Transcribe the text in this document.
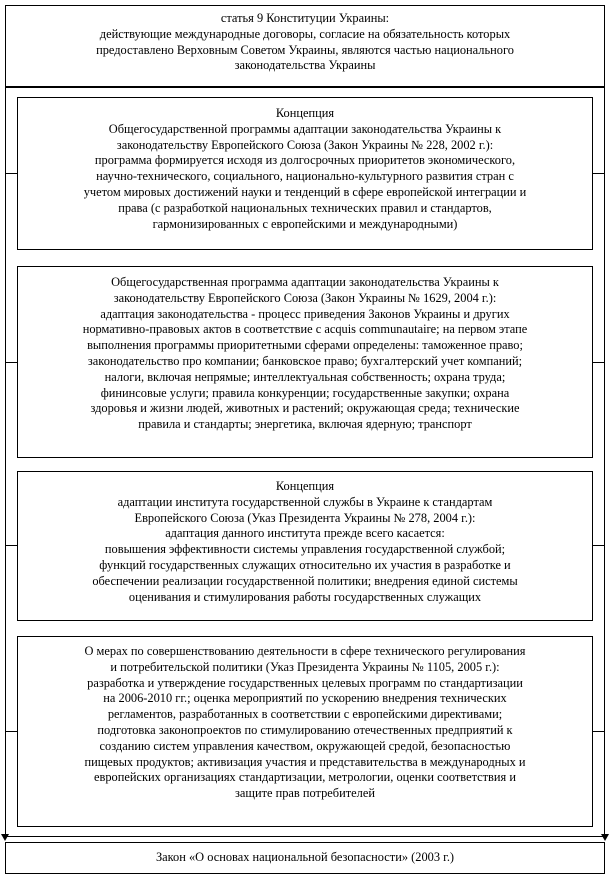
статья 9 Конституции Украины:

действующие международные договоры, согласие на обязательность которых

предоставлено Верховным Советом Украины, являются частью национального

законодательства Украины

Концепция

Общегосударственной программы адаптации законодательства Украины к

законодательству Европейского Союза (Закон Украины № 228, 2002 г.):

программа формируется исходя из долгосрочных приоритетов экономического,

научно-технического, социального, национально-культурного развития стран с

учетом мировых достижений науки и тенденций в сфере европейской интеграции и

права (с разработкой национальных технических правил и стандартов,

гармонизированных с европейскими и международными)

Общегосударственная программа адаптации законодательства Украины к

законодательству Европейского Союза (Закон Украины № 1629, 2004 г.):

адаптация законодательства - процесс приведения Законов Украины и других

нормативно-правовых актов в соответствие с acquis communautaire; на первом этапе

выполнения программы приоритетными сферами определены: таможенное право;

законодательство про компании; банковское право; бухгалтерский учет компаний;

налоги, включая непрямые; интеллектуальная собственность; охрана труда;

фининсовые услуги; правила конкуренции; государственные закупки; охрана

здоровья и жизни людей, животных и растений; окружающая среда; технические

правила и стандарты; энергетика, включая ядерную; транспорт

Концепция

адаптации института государственной службы в Украине к стандартам

Европейского Союза (Указ Президента Украины № 278, 2004 г.):

адаптация данного института прежде всего касается:

повышения эффективности системы управления государственной службой;

функций государственных служащих относительно их участия в разработке и

обеспечении реализации государственной политики; внедрения единой системы

оценивания и стимулирования работы государственных служащих

О мерах по совершенствованию деятельности в сфере технического регулирования

и потребительской политики (Указ Президента Украины № 1105, 2005 г.):

разработка и утверждение государственных целевых программ по стандартизации

на 2006-2010 гг.; оценка мероприятий по ускорению внедрения технических

регламентов, разработанных в соответствии с европейскими директивами;

подготовка законопроектов по стимулированию отечественных предприятий к

созданию систем управления качеством, окружающей средой, безопасностью

пищевых продуктов; активизация участия и представительства в международных и

европейских организациях стандартизации, метрологии, оценки соответствия и

защите прав потребителей

Закон «О основах национальной безопасности» (2003 г.)
